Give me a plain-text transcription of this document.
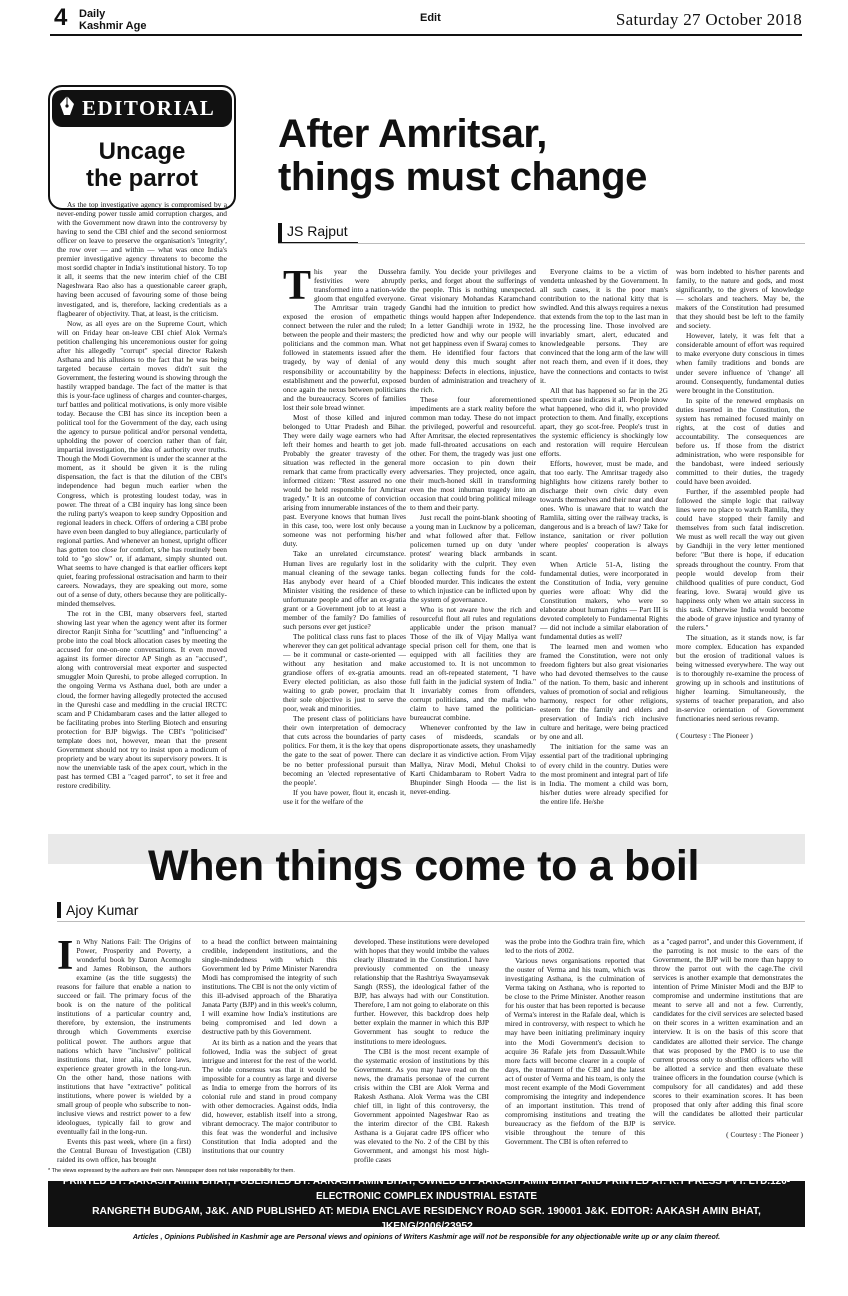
4 Daily
Kashmir Age
Edit	Saturday 27 October 2018
EDITORIAL
Uncage
the parrot

As the top investigative agency is compromised by a never-ending power tussle amid corruption charges, and with the Government now drawn into the controversy by having to send the CBI chief and the second seniormost officer on leave to preserve the organisation's 'integrity', the row over — and within — what was once India's premier investigative agency threatens to become the most sordid chapter in India's institutional history. To top it all, it seems that the new interim chief of the CBI Nageshwara Rao also has a questionable career graph, having been accused of favouring some of those being investigated, and is, therefore, lacking credentials as a flagbearer of objectivity. That, at least, is the criticism.

Now, as all eyes are on the Supreme Court, which will on Friday hear on-leave CBI chief Alok Verma's petition challenging his unceremonious ouster for going after his allegedly "corrupt" special director Rakesh Asthana and his allusions to the fact that he was being targeted because certain moves didn't suit the Government, the festering wound is showing through the hastily wrapped bandage. The fact of the matter is that this is your-face ugliness of charges and counter-charges, turf battles and political motivations, is only more visible today. Because the CBI has since its inception been a political tool for the Government of the day, each using the agency to pursue political and/or personal vendetta, upholding the power of coercion rather than of fair, impartial investigation, the idea of authority over truths. Though the Modi Government is under the scanner at the moment, as it should be given it is the ruling dispensation, the fact is that the dilution of the CBI's independence had begun much earlier when the Congress, which is protesting loudest today, was in power. The threat of a CBI inquiry has long since been the ruling party's weapon to keep sundry Opposition and regional leaders in check. Offers of ordering a CBI probe have even been dangled to buy allegiance, particularly of regional parties. And whenever an honest, upright officer has gotten too close for comfort, s/he has routinely been told to "go slow" or, if adamant, simply shunted out. What seems to have changed is that earlier officers kept quiet, fearing professional ostracisation and harm to their careers. Nowadays, they are speaking out more, some out of a sense of duty, others because they are politically-minded themselves.

The rot in the CBI, many observers feel, started showing last year when the agency went after its former director Ranjit Sinha for "scuttling" and "influencing" a probe into the coal block allocation cases by meeting the accused for one-on-one conversations. It even moved against its former director AP Singh as an "accused", along with controversial meat exporter and suspected smuggler Moin Qureshi, to probe alleged corruption. In the ongoing Verma vs Asthana duel, both are under a cloud, the former having allegedly protected the accused in the Qureshi case and meddling in the crucial IRCTC scam and P Chidambaram cases and the latter alleged to be facilitating probes into Sterling Biotech and ensuring protection for BJP bigwigs. The CBI's "politicised" template does not, however, mean that the present Government should not try to insist upon a modicum of propriety and be wary about its supervisory powers. It is now the unenviable task of the apex court, which in the past has termed CBI a "caged parrot", to set it free and restore credibility.

After Amritsar,
things must change
JS Rajput

This year the Dussehra festivities were abruptly transformed into a nation-wide gloom that engulfed everyone. The Amritsar train tragedy exposed the erosion of empathetic connect between the ruler and the ruled; between the people and their masters; the politicians and the common man. What followed in statements issued after the tragedy, by way of denial of any responsibility or accountability by the establishment and the powerful, exposed once again the nexus between politicians and the bureaucracy. Scores of families lost their sole bread winner.

Most of those killed and injured belonged to Uttar Pradesh and Bihar. They were daily wage earners who had left their homes and hearth to get job. Probably the greater travesty of the situation was reflected in the general remark that came from practically every informed citizen: "Rest assured no one would be held responsible for Amritsar tragedy." It is an outcome of conviction arising from innumerable instances of the past. Everyone knows that human lives in this case, too, were lost only because someone was not performing his/her duty.

Take an unrelated circumstance. Human lives are regularly lost in the manual cleaning of the sewage tanks. Has anybody ever heard of a Chief Minister visiting the residence of these unfortunate people and offer an ex-gratia grant or a Government job to at least a member of the family? Do families of such persons ever get justice?

The political class runs fast to places wherever they can get political advantage — be it communal or caste-oriented — without any hesitation and make grandiose offers of ex-gratia amounts. Every elected politician, as also those waiting to grab power, proclaim that their sole objective is just to serve the poor, weak and minorities.

The present class of politicians have their own interpretation of democracy that cuts across the boundaries of party politics. For them, it is the key that opens the gate to the seat of power. There can be no better professional pursuit than becoming an 'elected representative of the people'.

If you have power, flout it, encash it, use it for the welfare of the

family. You decide your privileges and perks, and forget about the sufferings of the people. This is nothing unexpected. Great visionary Mohandas Karamchand Gandhi had the intuition to predict how things would happen after Independence. In a letter Gandhiji wrote in 1932, he predicted how and why our people will not get happiness even if Swaraj comes to them. He identified four factors that would deny this much sought after happiness: Defects in elections, injustice, burden of administration and treachery of the rich.

These four aforementioned impediments are a stark reality before the common man today. These do not impact the privileged, powerful and resourceful. After Amritsar, the elected representatives made full-throated accusations on each other. For them, the tragedy was just one more occasion to pin down their adversaries. They projected, once again, their much-honed skill in transforming even the most inhuman tragedy into an occasion that could bring political mileage to them and their party.

Just recall the point-blank shooting of a young man in Lucknow by a policeman, and what followed after that. Fellow policemen turned up on duty 'under protest' wearing black armbands in solidarity with the culprit. They even began collecting funds for the cold-blooded murder. This indicates the extent to which injustice can be inflicted upon by the system of governance.

Who is not aware how the rich and resourceful flout all rules and regulations applicable under the prison manual? Those of the ilk of Vijay Mallya want special prison cell for them, one that is equipped with all facilities they are accustomed to. It is not uncommon to read an oft-repeated statement, "I have full faith in the judicial system of India." It invariably comes from offenders, corrupt politicians, and the mafia who claim to have tamed the politician-bureaucrat combine.

Whenever confronted by the law in cases of misdeeds, scandals or disproportionate assets, they unashamedly declare it as vindictive action. From Vijay Mallya, Nirav Modi, Mehul Choksi to Karti Chidambaram to Robert Vadra to Bhupinder Singh Hooda — the list is never-ending.

Everyone claims to be a victim of vendetta unleashed by the Government. In all such cases, it is the poor man's contribution to the national kitty that is swindled. And this always requires a nexus that extends from the top to the last man in the processing line. Those involved are invariably smart, alert, educated and knowledgeable persons. They are convinced that the long arm of the law will not reach them, and even if it does, they have the connections and contacts to twist it.

All that has happened so far in the 2G spectrum case indicates it all. People know what happened, who did it, who provided protection to them. And finally, exceptions apart, they go scot-free. People's trust in the systemic efficiency is shockingly low and restoration will require Herculean efforts.

Efforts, however, must be made, and that too early. The Amritsar tragedy also highlights how citizens rarely bother to discharge their own civic duty even towards themselves and their near and dear ones. Who is unaware that to watch the Ramlila, sitting over the railway tracks, is dangerous and is a breach of law? Take for instance, sanitation or river pollution where peoples' cooperation is always scant.

When Article 51-A, listing the fundamental duties, were incorporated in the Constitution of India, very genuine queries were afloat: Why did the Constitution makers, who were so elaborate about human rights — Part III is devoted completely to Fundamental Rights — did not include a similar elaboration of fundamental duties as well?

The learned men and women who framed the Constitution, were not only freedom fighters but also great visionaries who had devoted themselves to the cause of the nation. To them, basic and inherent values of promotion of social and religious harmony, respect for other religions, esteem for the family and elders and preservation of India's rich inclusive culture and heritage, were being practiced by one and all.

The initiation for the same was an essential part of the traditional upbringing of every child in the country. Duties were the most prominent and integral part of life in India. The moment a child was born, his/her duties were already specified for the entire life. He/she

was born indebted to his/her parents and family, to the nature and gods, and most significantly, to the givers of knowledge — scholars and teachers. May be, the makers of the Constitution had presumed that they should best be left to the family and society.

However, lately, it was felt that a considerable amount of effort was required to make everyone duty conscious in times when family traditions and bonds are under severe influence of 'change' all around. Consequently, fundamental duties were brought in the Constitution.

In spite of the renewed emphasis on duties inserted in the Constitution, the system has remained focused mainly on rights, at the cost of duties and accountability. The consequences are before us. If those from the district administration, who were responsible for the bandobast, were indeed seriously committed to their duties, the tragedy could have been avoided.

Further, if the assembled people had followed the simple logic that railway lines were no place to watch Ramlila, they could have stopped their family and themselves from such fatal indiscretion. We must as well recall the way out given by Gandhiji in the very letter mentioned before: "But there is hope, if education spreads throughout the country. From that people would develop from their childhood qualities of pure conduct, God fearing, love. Swaraj would give us happiness only when we attain success in this task. Otherwise India would become the abode of grave injustice and tyranny of the rulers."

The situation, as it stands now, is far more complex. Education has expanded but the erosion of traditional values is being witnessed everywhere. The way out is to thoroughly re-examine the process of growing up in schools and institutions of higher learning. Simultaneously, the systems of teacher preparation, and also in-service orientation of Government functionaries need serious revamp.

( Courtesy : The Pioneer )

When things come to a boil
Ajoy Kumar

In Why Nations Fail: The Origins of Power, Prosperity and Poverty, a wonderful book by Daron Acemoglu and James Robinson, the authors examine (as the title suggests) the reasons for failure that enable a nation to succeed or fail. The primary focus of the book is on the nature of the political institutions of a particular country and, therefore, by extension, the instruments through which Governments exercise political power. The authors argue that nations which have "inclusive" political institutions that, inter alia, enforce laws, experience greater growth in the long-run. On the other hand, those nations with institutions that have "extractive" political institutions, where power is wielded by a small group of people who subscribe to non-inclusive views and restrict power to a few ideologues, typically fail to grow and eventually fail in the long-run.

Events this past week, where (in a first) the Central Bureau of Investigation (CBI) raided its own office, has brought

to a head the conflict between maintaining credible, independent institutions, and the single-mindedness with which this Government led by Prime Minister Narendra Modi has compromised the integrity of such institutions. The CBI is not the only victim of this ill-advised approach of the Bharatiya Janata Party (BJP) and in this week's column, I will examine how India's institutions are being compromised and led down a destructive path by this Government.

At its birth as a nation and the years that followed, India was the subject of great intrigue and interest for the rest of the world. The wide consensus was that it would be impossible for a country as large and diverse as India to emerge from the horrors of its colonial rule and stand in proud company with other democracies. Against odds, India did, however, establish itself into a strong, vibrant democracy. The major contributor to this feat was the wonderful and inclusive Constitution that India adopted and the institutions that our country

developed. These institutions were developed with hopes that they would imbibe the values clearly illustrated in the Constitution.I have previously commented on the uneasy relationship that the Rashtriya Swayamsevak Sangh (RSS), the ideological father of the BJP, has always had with our Constitution. Therefore, I am not going to elaborate on this further. However, this backdrop does help better explain the manner in which this BJP Government has sought to reduce the institutions to mere ideologues.

The CBI is the most recent example of the systematic erosion of institutions by this Government. As you may have read on the news, the dramatis personae of the current crisis within the CBI are Alok Verma and Rakesh Asthana. Alok Verma was the CBI chief till, in light of this controversy, the Government appointed Nageshwar Rao as the interim director of the CBI. Rakesh Asthana is a Gujarat cadre IPS officer who was elevated to the No. 2 of the CBI by this Government, and amongst his most high-profile cases

was the probe into the Godhra train fire, which led to the riots of 2002.

Various news organisations reported that the ouster of Verma and his team, which was investigating Asthana, is the culmination of Verma taking on Asthana, who is reported to be close to the Prime Minister. Another reason for his ouster that has been reported is because of Verma's interest in the Rafale deal, which is mired in controversy, with respect to which he may have been initiating preliminary inquiry into the Modi Government's decision to acquire 36 Rafale jets from Dassault.While more facts will become clearer in a couple of days, the treatment of the CBI and the latest act of ouster of Verma and his team, is only the most recent example of the Modi Government compromising the integrity and independence of an important institution. This trend of compromising institutions and treating the bureaucracy as the fiefdom of the BJP is visible throughout the tenure of this Government. The CBI is often referred to

as a "caged parrot", and under this Government, if the parroting is not music to the ears of the Government, the BJP will be more than happy to throw the parrot out with the cage.The civil services is another example that demonstrates the intention of Prime Minister Modi and the BJP to compromise and undermine institutions that are meant to serve all and not a few. Currently, candidates for the civil services are selected based on their scores in a written examination and an interview. It is on the basis of this score that candidates are allotted their service. The change that was proposed by the PMO is to use the current process only to shortlist officers who will be allotted a service and then evaluate these trainee officers in the foundation course (which is compulsory for all candidates) and add these scores to their examination scores. It has been proposed that only after adding this final score will the candidates be allotted their particular service.

( Courtesy : The Pioneer )

* The views expressed by the authors are their own. Newspaper does not take responsibility for them.
PRINTED BY: AAKASH AMIN BHAT, PUBLISHED BY: AAKASH AMIN BHAT, OWNED BY: AAKASH AMIN BHAT AND PRINTED AT: K.T PRESS PVT. LTD.120- ELECTRONIC COMPLEX INDUSTRIAL ESTATE
RANGRETH BUDGAM, J&K. AND PUBLISHED AT: MEDIA ENCLAVE RESIDENCY ROAD SGR. 190001 J&K. EDITOR: AAKASH AMIN BHAT, JKENG/2006/23952
Articles , Opinions Published in Kashmir age are Personal views and opinions of Writers Kashmir age will not be responsible for any objectionable write up or any claim thereof.
